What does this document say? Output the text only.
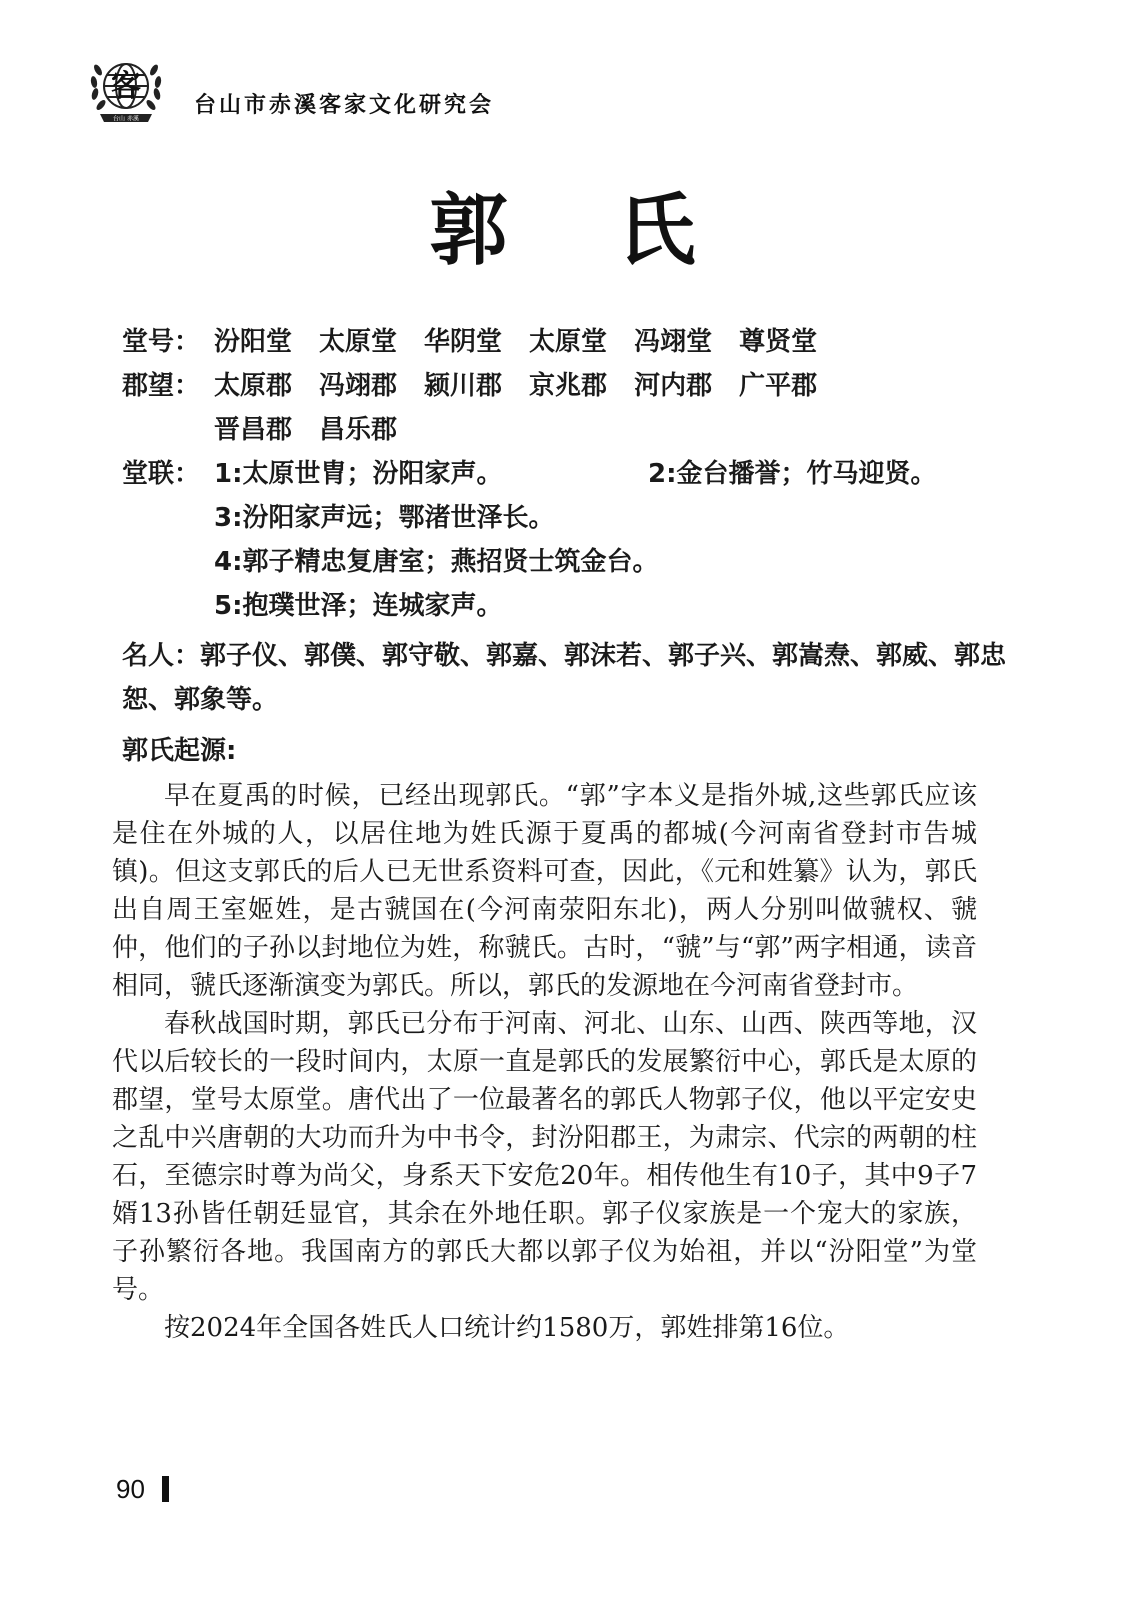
客
台山 赤溪
台山市赤溪客家文化研究会
郭 氏
堂号： 汾阳堂 太原堂 华阴堂 太原堂 冯翊堂 尊贤堂
郡望： 太原郡 冯翊郡 颍川郡 京兆郡 河内郡 广平郡
晋昌郡 昌乐郡
堂联： 1:太原世胄；汾阳家声。	2:金台播誉；竹马迎贤。
3:汾阳家声远；鄂渚世泽长。
4:郭子精忠复唐室；燕招贤士筑金台。
5:抱璞世泽；连城家声。
名人：郭子仪、郭僕、郭守敬、郭嘉、郭沫若、郭子兴、郭嵩焘、郭威、郭忠恕、郭象等。
郭氏起源:

早在夏禹的时候，已经出现郭氏。“郭”字本义是指外城,这些郭氏应该是住在外城的人，以居住地为姓氏源于夏禹的都城(今河南省登封市告城镇)。但这支郭氏的后人已无世系资料可查，因此，《元和姓纂》认为，郭氏出自周王室姬姓，是古虢国在(今河南荥阳东北)，两人分别叫做虢权、虢仲，他们的子孙以封地位为姓，称虢氏。古时，“虢”与“郭”两字相通，读音相同，虢氏逐渐演变为郭氏。所以，郭氏的发源地在今河南省登封市。

春秋战国时期，郭氏已分布于河南、河北、山东、山西、陕西等地，汉代以后较长的一段时间内，太原一直是郭氏的发展繁衍中心，郭氏是太原的郡望，堂号太原堂。唐代出了一位最著名的郭氏人物郭子仪，他以平定安史之乱中兴唐朝的大功而升为中书令，封汾阳郡王，为肃宗、代宗的两朝的柱石，至德宗时尊为尚父，身系天下安危20年。相传他生有10子，其中9子7婿13孙皆任朝廷显官，其余在外地任职。郭子仪家族是一个宠大的家族，子孙繁衍各地。我国南方的郭氏大都以郭子仪为始祖，并以“汾阳堂”为堂号。

按2024年全国各姓氏人口统计约1580万，郭姓排第16位。

90
